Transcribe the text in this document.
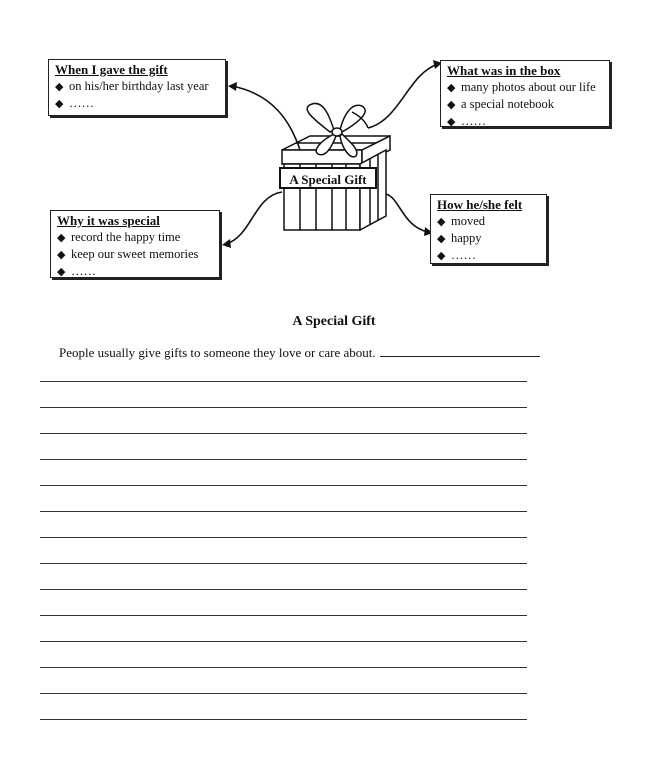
A Special Gift
When I gave the gift
◆ on his/her birthday last year
◆ ……
What was in the box
◆ many photos about our life
◆ a special notebook
◆ ……
Why it was special
◆ record the happy time
◆ keep our sweet memories
◆ ……
How he/she felt
◆ moved
◆ happy
◆ ……
A Special Gift
People usually give gifts to someone they love or care about.
